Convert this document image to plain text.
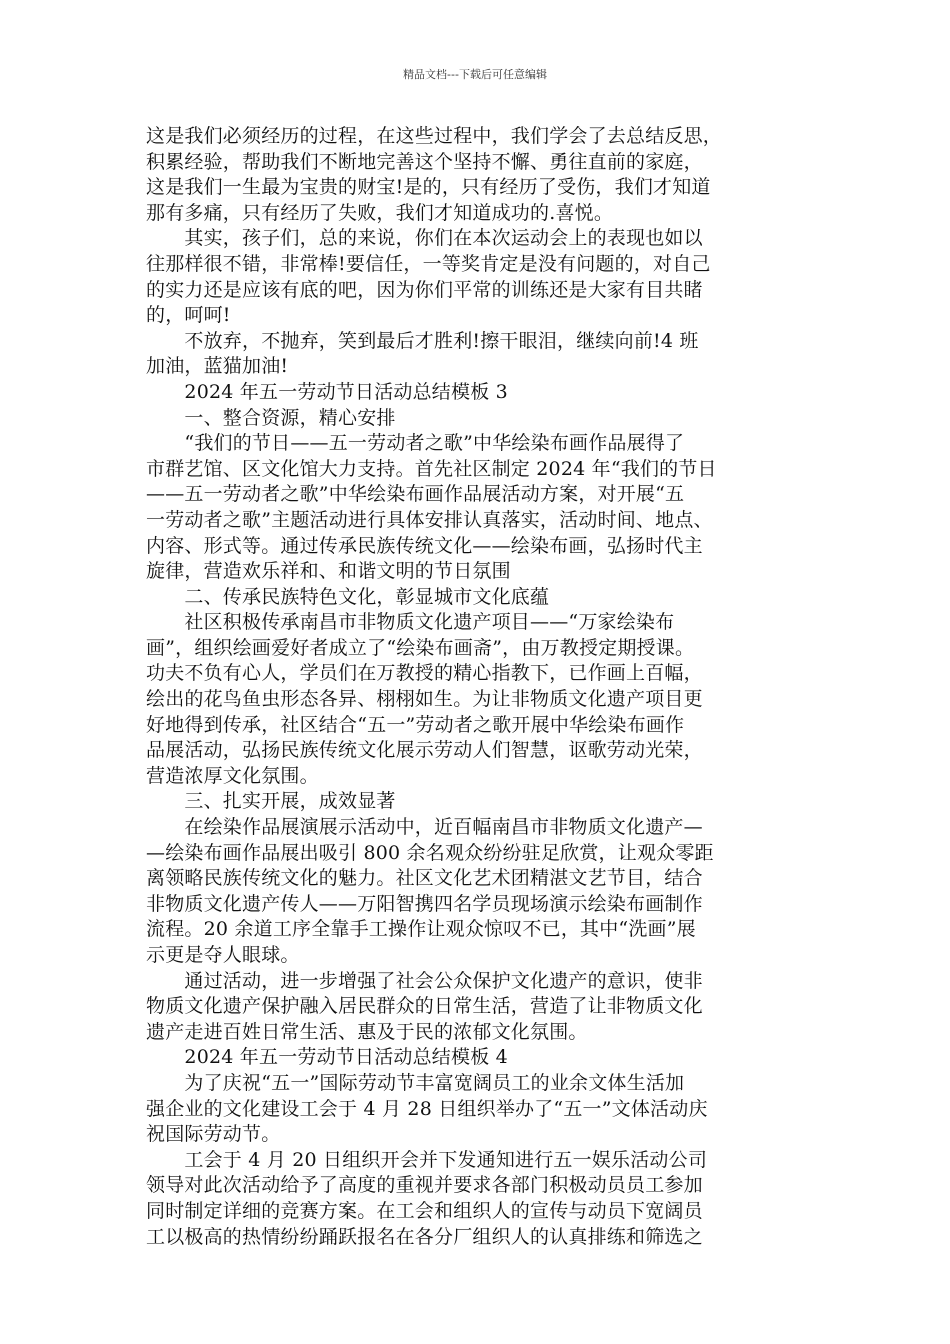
精品文档---下载后可任意编辑
这是我们必须经历的过程，在这些过程中，我们学会了去总结反思，
积累经验，帮助我们不断地完善这个坚持不懈、勇往直前的家庭，
这是我们一生最为宝贵的财宝!是的，只有经历了受伤，我们才知道
那有多痛，只有经历了失败，我们才知道成功的.喜悦。
　　其实，孩子们，总的来说，你们在本次运动会上的表现也如以
往那样很不错，非常棒!要信任，一等奖肯定是没有问题的，对自己
的实力还是应该有底的吧，因为你们平常的训练还是大家有目共睹
的，呵呵!
　　不放弃，不抛弃，笑到最后才胜利!擦干眼泪，继续向前!4 班
加油，蓝猫加油!
　　2024 年五一劳动节日活动总结模板 3
　　一、整合资源，精心安排
　　“我们的节日——五一劳动者之歌”中华绘染布画作品展得了
市群艺馆、区文化馆大力支持。首先社区制定 2024 年“我们的节日
——五一劳动者之歌”中华绘染布画作品展活动方案，对开展“五
一劳动者之歌”主题活动进行具体安排认真落实，活动时间、地点、
内容、形式等。通过传承民族传统文化——绘染布画，弘扬时代主
旋律，营造欢乐祥和、和谐文明的节日氛围
　　二、传承民族特色文化，彰显城市文化底蕴
　　社区积极传承南昌市非物质文化遗产项目——“万家绘染布
画”，组织绘画爱好者成立了“绘染布画斋”，由万教授定期授课。
功夫不负有心人，学员们在万教授的精心指教下，已作画上百幅，
绘出的花鸟鱼虫形态各异、栩栩如生。为让非物质文化遗产项目更
好地得到传承，社区结合“五一”劳动者之歌开展中华绘染布画作
品展活动，弘扬民族传统文化展示劳动人们智慧，讴歌劳动光荣，
营造浓厚文化氛围。
　　三、扎实开展，成效显著
　　在绘染作品展演展示活动中，近百幅南昌市非物质文化遗产—
—绘染布画作品展出吸引 800 余名观众纷纷驻足欣赏，让观众零距
离领略民族传统文化的魅力。社区文化艺术团精湛文艺节目，结合
非物质文化遗产传人——万阳智携四名学员现场演示绘染布画制作
流程。20 余道工序全靠手工操作让观众惊叹不已，其中“洗画”展
示更是夺人眼球。
　　通过活动，进一步增强了社会公众保护文化遗产的意识，使非
物质文化遗产保护融入居民群众的日常生活，营造了让非物质文化
遗产走进百姓日常生活、惠及于民的浓郁文化氛围。
　　2024 年五一劳动节日活动总结模板 4
　　为了庆祝“五一”国际劳动节丰富宽阔员工的业余文体生活加
强企业的文化建设工会于 4 月 28 日组织举办了“五一”文体活动庆
祝国际劳动节。
　　工会于 4 月 20 日组织开会并下发通知进行五一娱乐活动公司
领导对此次活动给予了高度的重视并要求各部门积极动员员工参加
同时制定详细的竞赛方案。在工会和组织人的宣传与动员下宽阔员
工以极高的热情纷纷踊跃报名在各分厂组织人的认真排练和筛选之
